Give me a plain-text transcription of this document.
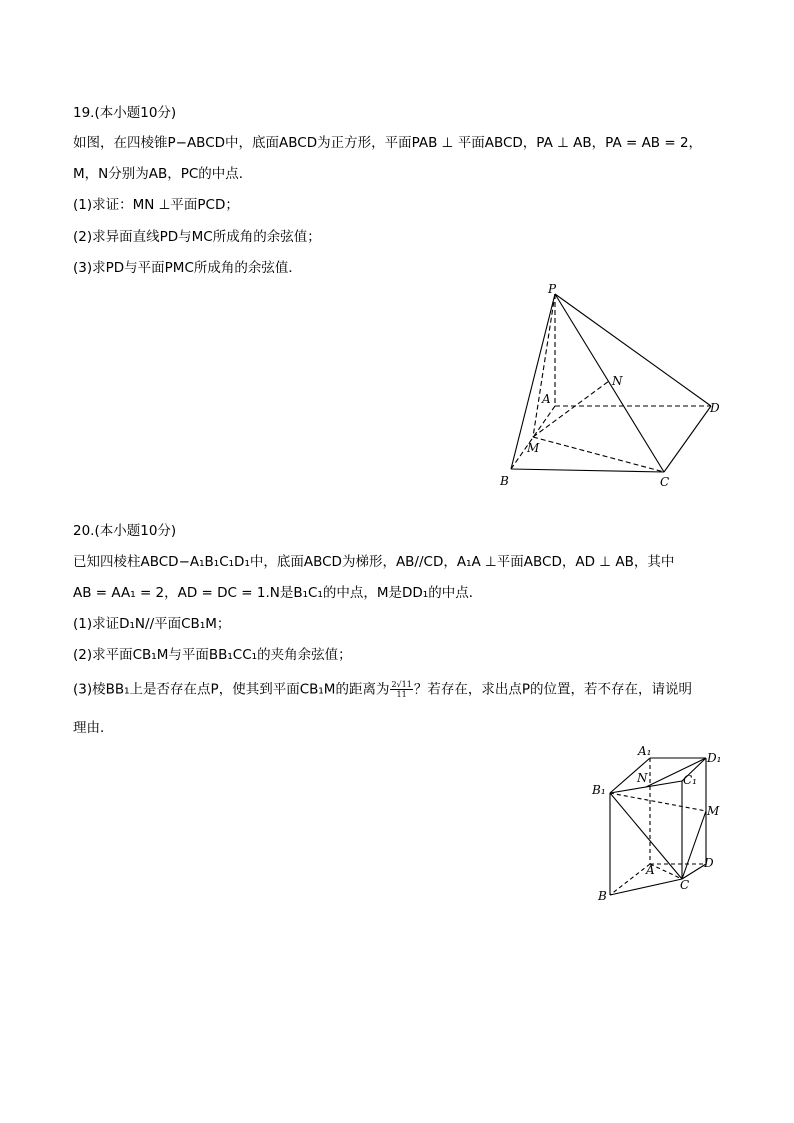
19.(本小题10分)
如图，在四棱锥P−ABCD中，底面ABCD为正方形，平面PAB ⊥ 平面ABCD，PA ⊥ AB，PA = AB = 2，
M，N分别为AB，PC的中点．
(1)求证：MN ⊥平面PCD；
(2)求异面直线PD与MC所成角的余弦值；
(3)求PD与平面PMC所成角的余弦值．
P
N
A
D
M
B	C
20.(本小题10分)
已知四棱柱ABCD−A₁B₁C₁D₁中，底面ABCD为梯形，AB//CD，A₁A ⊥平面ABCD，AD ⊥ AB，其中
AB = AA₁ = 2，AD = DC = 1.N是B₁C₁的中点，M是DD₁的中点．
(1)求证D₁N//平面CB₁M；
(2)求平面CB₁M与平面BB₁CC₁的夹角余弦值；
(3)棱BB₁上是否存在点P，使其到平面CB₁M的距离为 $\frac{2√11}{11}$ ？若存在，求出点P的位置，若不存在，请说明
理由．
A₁	D₁
N	C₁
B₁
M
D
A
C
B
